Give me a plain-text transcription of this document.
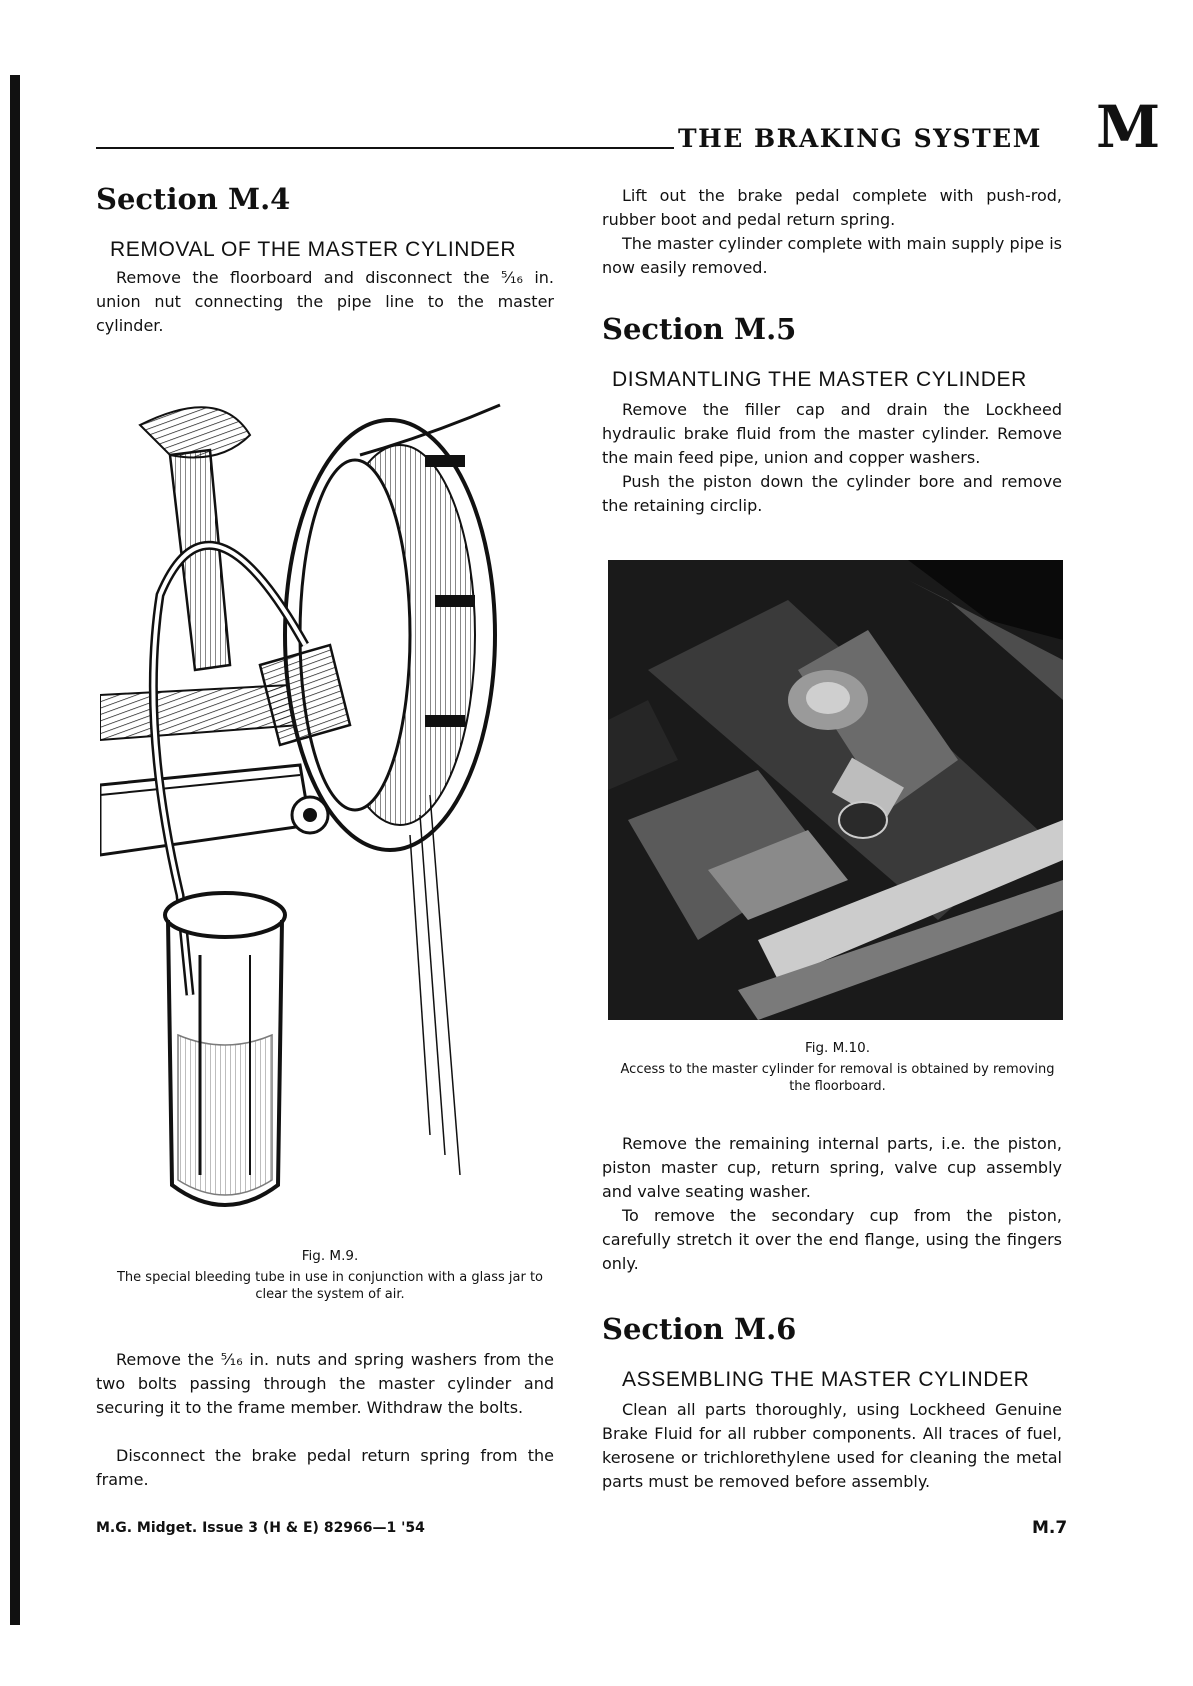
THE BRAKING SYSTEM M
Section M.4
REMOVAL OF THE MASTER CYLINDER
Remove the floorboard and disconnect the ⁵⁄₁₆ in. union nut connecting the pipe line to the master cylinder.
Fig. M.9.
The special bleeding tube in use in conjunction with a glass jar to clear the system of air.
Remove the ⁵⁄₁₆ in. nuts and spring washers from the two bolts passing through the master cylinder and securing it to the frame member. Withdraw the bolts.
Disconnect the brake pedal return spring from the frame.
Lift out the brake pedal complete with push-rod, rubber boot and pedal return spring.
The master cylinder complete with main supply pipe is now easily removed.
Section M.5
DISMANTLING THE MASTER CYLINDER
Remove the filler cap and drain the Lockheed hydraulic brake fluid from the master cylinder. Remove the main feed pipe, union and copper washers.
Push the piston down the cylinder bore and remove the retaining circlip.
Fig. M.10.
Access to the master cylinder for removal is obtained by removing the floorboard.
Remove the remaining internal parts, i.e. the piston, piston master cup, return spring, valve cup assembly and valve seating washer.
To remove the secondary cup from the piston, carefully stretch it over the end flange, using the fingers only.
Section M.6
ASSEMBLING THE MASTER CYLINDER
Clean all parts thoroughly, using Lockheed Genuine Brake Fluid for all rubber components. All traces of fuel, kerosene or trichlorethylene used for cleaning the metal parts must be removed before assembly.
M.G. Midget. Issue 3 (H & E) 82966—1 '54	M.7
